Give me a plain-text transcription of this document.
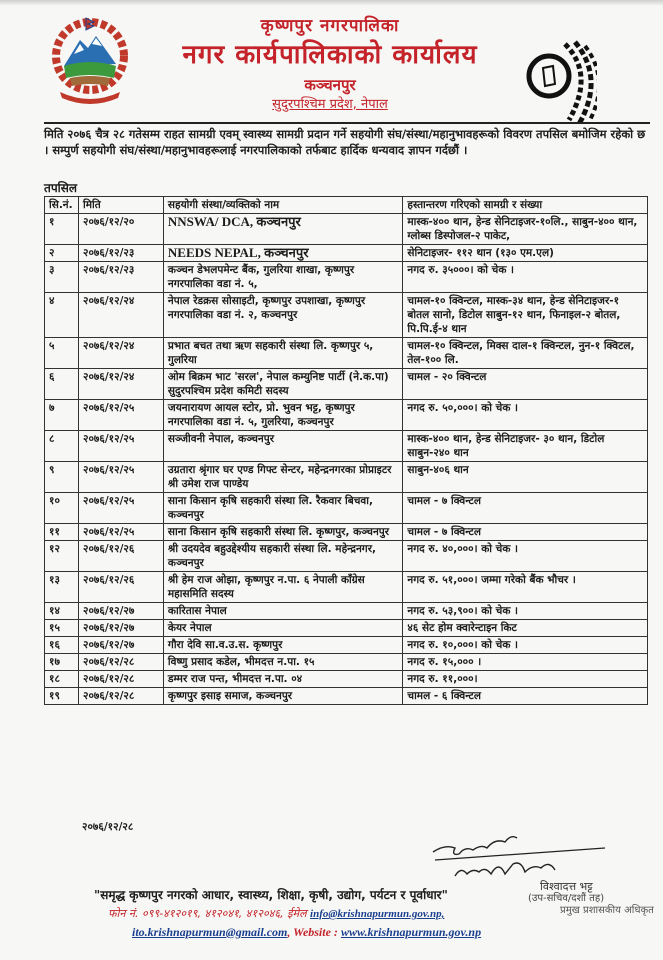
कृष्णपुर नगरपालिका
नगर कार्यपालिकाको कार्यालय
कञ्चनपुर
सुदुरपश्चिम प्रदेश, नेपाल
मिति २०७६ चैत्र २८ गतेसम्म राहत सामग्री एवम् स्वास्थ्य सामग्री प्रदान गर्ने सहयोगी संघ/संस्था/महानुभावहरूको विवरण तपसिल बमोजिम रहेको छ । सम्पुर्ण सहयोगी संघ/संस्था/महानुभावहरूलाई नगरपालिकाको तर्फबाट हार्दिक धन्यवाद ज्ञापन गर्दछौं ।
तपसिल
सि.नं.	मिति	सहयोगी संस्था/व्यक्तिको नाम	हस्तान्तरण गरिएको सामग्री र संख्या
१	२०७६/१२/२०	NNSWA/ DCA, कञ्चनपुर	मास्क-४०० थान, हेन्ड सेनिटाइजर-१०लि., साबुन-४०० थान, ग्लोब्स डिस्पोजल-२ पाकेट,
२	२०७६/१२/२३	NEEDS NEPAL, कञ्चनपुर	सेनिटाइजर- ११२ थान (१३० एम.एल)
३	२०७६/१२/२३	कञ्चन डेभलपमेन्ट बैंक, गुलरिया शाखा, कृष्णपुर नगरपालिका वडा नं. ५,	नगद रु. ३५०००। को चेक ।
४	२०७६/१२/२४	नेपाल रेडक्रस सोसाइटी, कृष्णपुर उपशाखा, कृष्णपुर नगरपालिका वडा नं. २, कञ्चनपुर	चामल-१० क्विन्टल, मास्क-३४ थान, हेन्ड सेनिटाइजर-१ बोतल सानो, डिटोल साबुन-१२ थान, फिनाइल-२ बोतल, पि.पि.ई-४ थान
५	२०७६/१२/२४	प्रभात बचत तथा ऋण सहकारी संस्था लि. कृष्णपुर ५, गुलरिया	चामल-१० क्विन्टल, मिक्स दाल-१ क्विन्टल, नुन-१ क्विटल, तेल-१०० लि.
६	२०७६/१२/२४	ओम बिक्रम भाट 'सरल', नेपाल कम्युनिष्ट पार्टी (ने.क.पा) सुदुरपश्चिम प्रदेश कमिटी सदस्य	चामल - २० क्विन्टल
७	२०७६/१२/२५	जयनारायण आयल स्टोर, प्रो. भुवन भट्ट, कृष्णपुर नगरपालिका वडा नं. ५, गुलरिया, कञ्चनपुर	नगद रु. ५०,०००। को चेक ।
८	२०७६/१२/२५	सञ्जीवनी नेपाल, कञ्चनपुर	मास्क-४०० थान, हेन्ड सेनिटाइजर- ३० थान, डिटोल साबुन-२४० थान
९	२०७६/१२/२५	उग्रतारा श्रृंगार घर एण्ड गिफ्ट सेन्टर, महेन्द्रनगरका प्रोप्राइटर श्री उमेश राज पाण्डेय	साबुन-४०६ थान
१०	२०७६/१२/२५	साना किसान कृषि सहकारी संस्था लि. रैकवार बिचवा, कञ्चनपुर	चामल - ७ क्विन्टल
११	२०७६/१२/२५	साना किसान कृषि सहकारी संस्था लि. कृष्णपुर, कञ्चनपुर	चामल - ७ क्विन्टल
१२	२०७६/१२/२६	श्री उदयदेव बहुउद्देश्यीय सहकारी संस्था लि. महेन्द्रनगर, कञ्चनपुर	नगद रु. ४०,०००। को चेक ।
१३	२०७६/१२/२६	श्री हेम राज ओझा, कृष्णपुर न.पा. ६ नेपाली काँग्रेस महासमिति सदस्य	नगद रु. ५१,०००। जम्मा गरेको बैंक भौचर ।
१४	२०७६/१२/२७	कारितास नेपाल	नगद रु. ५३,९००। को चेक ।
१५	२०७६/१२/२७	केयर नेपाल	४६ सेट होम क्वारेन्टाइन किट
१६	२०७६/१२/२७	गौरा देवि सा.व.उ.स. कृष्णपुर	नगद रु. १०,०००। को चेक ।
१७	२०७६/१२/२८	विष्णु प्रसाद कडेल, भीमदत्त न.पा. १५	नगद रु. १५,००० ।
१८	२०७६/१२/२८	डम्मर राज पन्त, भीमदत्त न.पा. ०४	नगद रु. ११,०००।
१९	२०७६/१२/२८	कृष्णपुर इसाइ समाज, कञ्चनपुर	चामल - ६ क्विन्टल
२०७६/१२/२८
विश्वादत्त भट्ट
(उप-सचिव/दशौं तह)
प्रमुख प्रशासकीय अधिकृत
"समृद्ध कृष्णपुर नगरको आधार, स्वास्थ्य, शिक्षा, कृषी, उद्योग, पर्यटन र पूर्वाधार"
फोन नं. ०९९-४१२०१९, ४१२०४१, ४१२०४६, ईमेल info@krishnapurmun.gov.np,
ito.krishnapurmun@gmail.com, Website : www.krishnapurmun.gov.np
